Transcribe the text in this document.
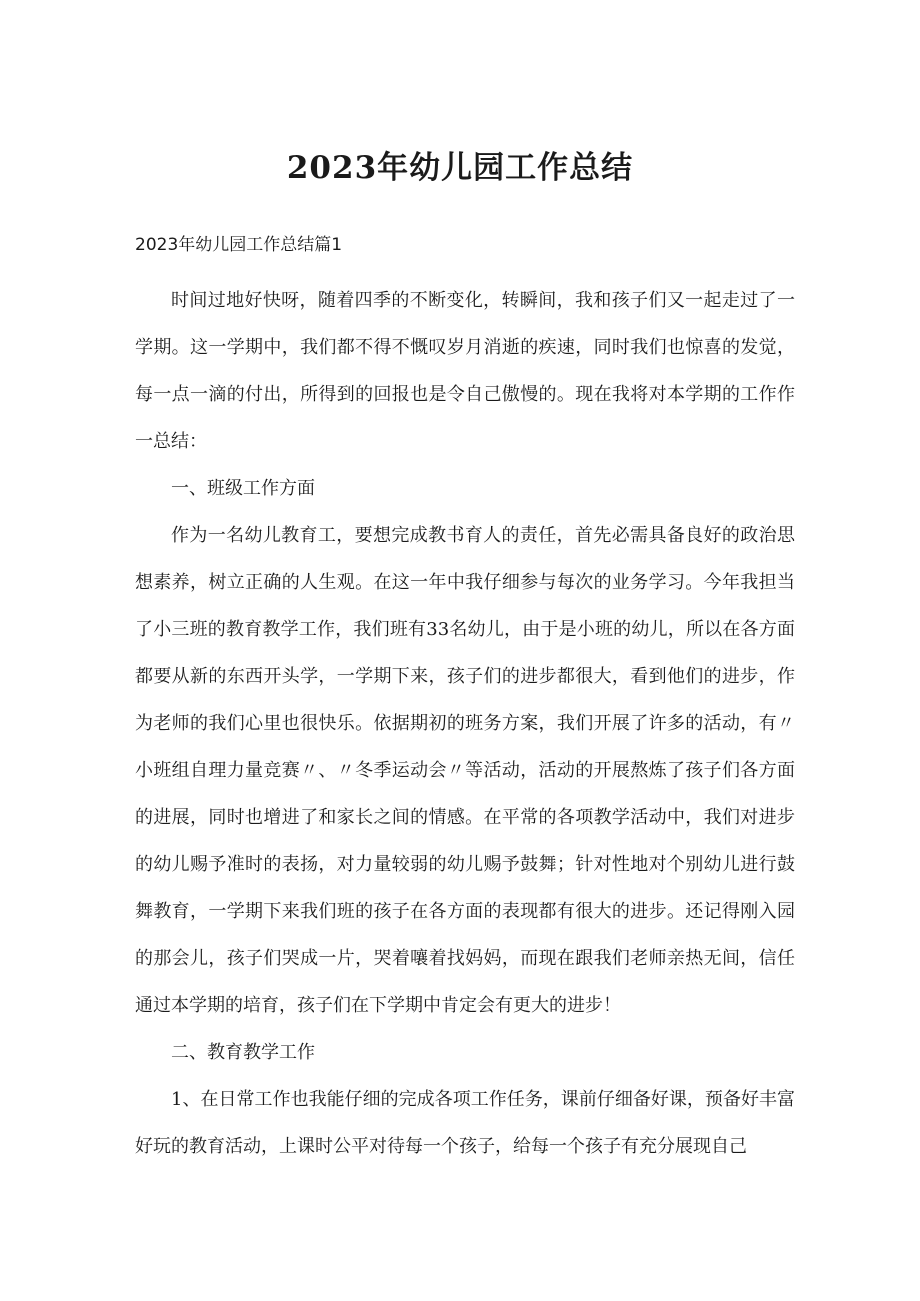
2023年幼儿园工作总结

2023年幼儿园工作总结篇1

时间过地好快呀，随着四季的不断变化，转瞬间，我和孩子们又一起走过了一学期。这一学期中，我们都不得不慨叹岁月消逝的疾速，同时我们也惊喜的发觉，每一点一滴的付出，所得到的回报也是令自己傲慢的。现在我将对本学期的工作作一总结：

一、班级工作方面

作为一名幼儿教育工，要想完成教书育人的责任，首先必需具备良好的政治思想素养，树立正确的人生观。在这一年中我仔细参与每次的业务学习。今年我担当了小三班的教育教学工作，我们班有33名幼儿，由于是小班的幼儿，所以在各方面都要从新的东西开头学，一学期下来，孩子们的进步都很大，看到他们的进步，作为老师的我们心里也很快乐。依据期初的班务方案，我们开展了许多的活动，有〃小班组自理力量竞赛〃、〃冬季运动会〃等活动，活动的开展熬炼了孩子们各方面的进展，同时也增进了和家长之间的情感。在平常的各项教学活动中，我们对进步的幼儿赐予准时的表扬，对力量较弱的幼儿赐予鼓舞；针对性地对个别幼儿进行鼓舞教育，一学期下来我们班的孩子在各方面的表现都有很大的进步。还记得刚入园的那会儿，孩子们哭成一片，哭着嚷着找妈妈，而现在跟我们老师亲热无间，信任通过本学期的培育，孩子们在下学期中肯定会有更大的进步！

二、教育教学工作

1、在日常工作也我能仔细的完成各项工作任务，课前仔细备好课，预备好丰富好玩的教育活动，上课时公平对待每一个孩子，给每一个孩子有充分展现自己
